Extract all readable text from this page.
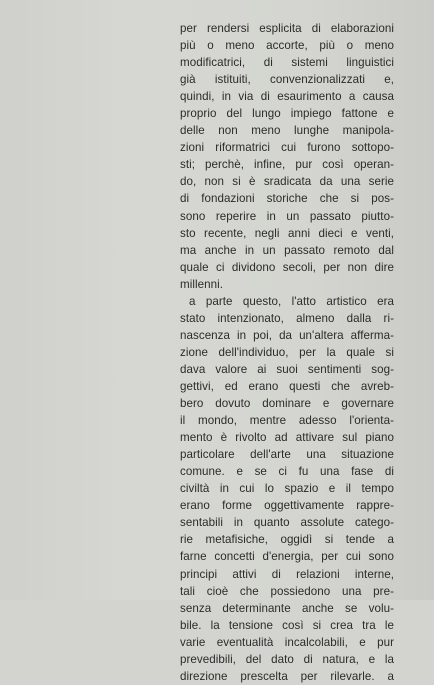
per rendersi esplicita di elaborazioni
più o meno accorte, più o meno
modificatrici, di sistemi linguistici
già istituiti, convenzionalizzati e,
quindi, in via di esaurimento a causa
proprio del lungo impiego fattone e
delle non meno lunghe manipola-
zioni riformatrici cui furono sottopo-
sti; perchè, infine, pur così operan-
do, non si è sradicata da una serie
di fondazioni storiche che si pos-
sono reperire in un passato piutto-
sto recente, negli anni dieci e venti,
ma anche in un passato remoto dal
quale ci dividono secoli, per non dire
millenni.

a parte questo, l'atto artistico era
stato intenzionato, almeno dalla ri-
nascenza in poi, da un'altera afferma-
zione dell'individuo, per la quale si
dava valore ai suoi sentimenti sog-
gettivi, ed erano questi che avreb-
bero dovuto dominare e governare
il mondo, mentre adesso l'orienta-
mento è rivolto ad attivare sul piano
particolare dell'arte una situazione
comune. e se ci fu una fase di
civiltà in cui lo spazio e il tempo
erano forme oggettivamente rappre-
sentabili in quanto assolute catego-
rie metafisiche, oggidì si tende a
farne concetti d'energia, per cui sono
principi attivi di relazioni interne,
tali cioè che possiedono una pre-
senza determinante anche se volu-
bile. la tensione così si crea tra le
varie eventualità incalcolabili, e pur
prevedibili, del dato di natura, e la
direzione prescelta per rilevarle. a
